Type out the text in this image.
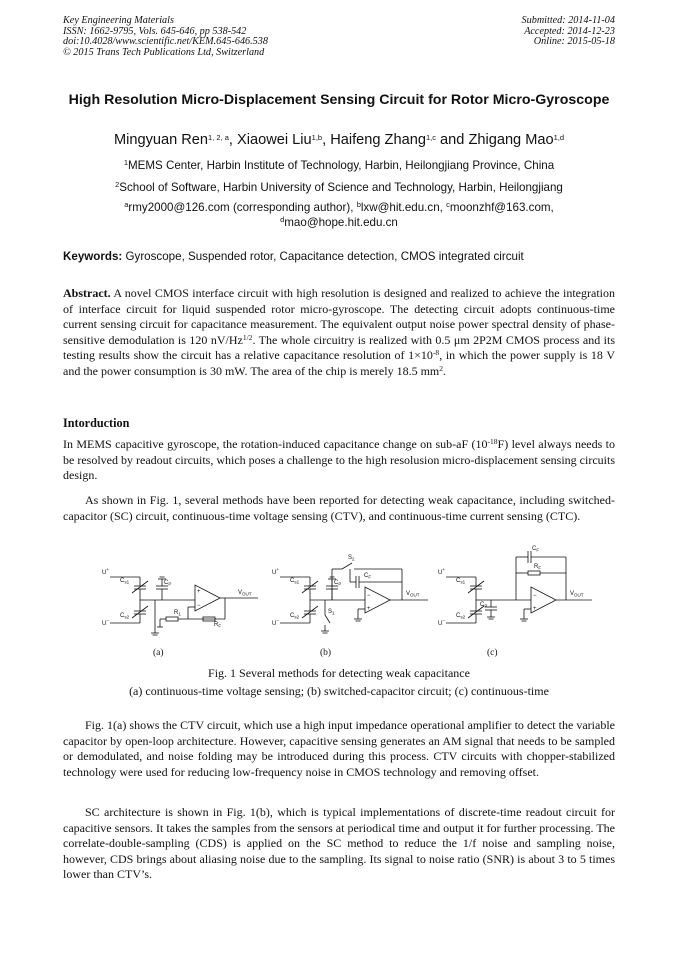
Key Engineering Materials
ISSN: 1662-9795, Vols. 645-646, pp 538-542
doi:10.4028/www.scientific.net/KEM.645-646.538
© 2015 Trans Tech Publications Ltd, Switzerland
Submitted: 2014-11-04
Accepted: 2014-12-23
Online: 2015-05-18
High Resolution Micro-Displacement Sensing Circuit for Rotor Micro-Gyroscope
Mingyuan Ren$^{1, 2, a}$, Xiaowei Liu$^{1,b}$, Haifeng Zhang$^{1,c}$ and Zhigang Mao$^{1,d}$
$^1$MEMS Center, Harbin Institute of Technology, Harbin, Heilongjiang Province, China
$^2$School of Software, Harbin University of Science and Technology, Harbin, Heilongjiang
$^a$rmy2000@126.com (corresponding author), $^b$lxw@hit.edu.cn, $^c$moonzhf@163.com,
$^d$mao@hope.hit.edu.cn
Keywords: Gyroscope, Suspended rotor, Capacitance detection, CMOS integrated circuit
Abstract. A novel CMOS interface circuit with high resolution is designed and realized to achieve the integration of interface circuit for liquid suspended rotor micro-gyroscope. The detecting circuit adopts continuous-time current sensing circuit for capacitance measurement. The equivalent output noise power spectral density of phase-sensitive demodulation is 120 $nV/Hz^{1/2}$. The whole circuitry is realized with 0.5 μm 2P2M CMOS process and its testing results show the circuit has a relative capacitance resolution of $1\times 10^{-8}$, in which the power supply is 18 V and the power consumption is 30 mW. The area of the chip is merely 18.5 $mm^2$.
Intorduction
In MEMS capacitive gyroscope, the rotation-induced capacitance change on sub-aF $(10^{-18}F)$ level always needs to be resolved by readout circuits, which poses a challenge to the high resolusion micro-displacement sensing circuits design.
As shown in Fig. 1, several methods have been reported for detecting weak capacitance, including switched-capacitor (SC) circuit, continuous-time voltage sensing (CTV), and continuous-time current sensing (CTC).
U+
U−
$C_{s1}$
$C_{s2}$
$C_P$
+
−
$R_1$
$R_F$
$V_{OUT}$
U+
U−
$C_{s1}$
$C_{s2}$
$C_P$
$S_1$
$S_2$
$C_F$
−
+
$V_{OUT}$
U+
U−
$C_{s1}$
$C_{s2}$
$C_P$
$C_F$
$R_F$
−
+
$V_{OUT}$
(a)	(b)	(c)
Fig. 1 Several methods for detecting weak capacitance
(a) continuous-time voltage sensing; (b) switched-capacitor circuit; (c) continuous-time
Fig. 1(a) shows the CTV circuit, which use a high input impedance operational amplifier to detect the variable capacitor by open-loop architecture. However, capacitive sensing generates an AM signal that needs to be sampled or demodulated, and noise folding may be introduced during this process. CTV circuits with chopper-stabilized technology were used for reducing low-frequency noise in CMOS technology and removing offset.
SC architecture is shown in Fig. 1(b), which is typical implementations of discrete-time readout circuit for capacitive sensors. It takes the samples from the sensors at periodical time and output it for further processing. The correlate-double-sampling (CDS) is applied on the SC method to reduce the 1/f noise and sampling noise, however, CDS brings about aliasing noise due to the sampling. Its signal to noise ratio (SNR) is about 3 to 5 times lower than CTV’s.
